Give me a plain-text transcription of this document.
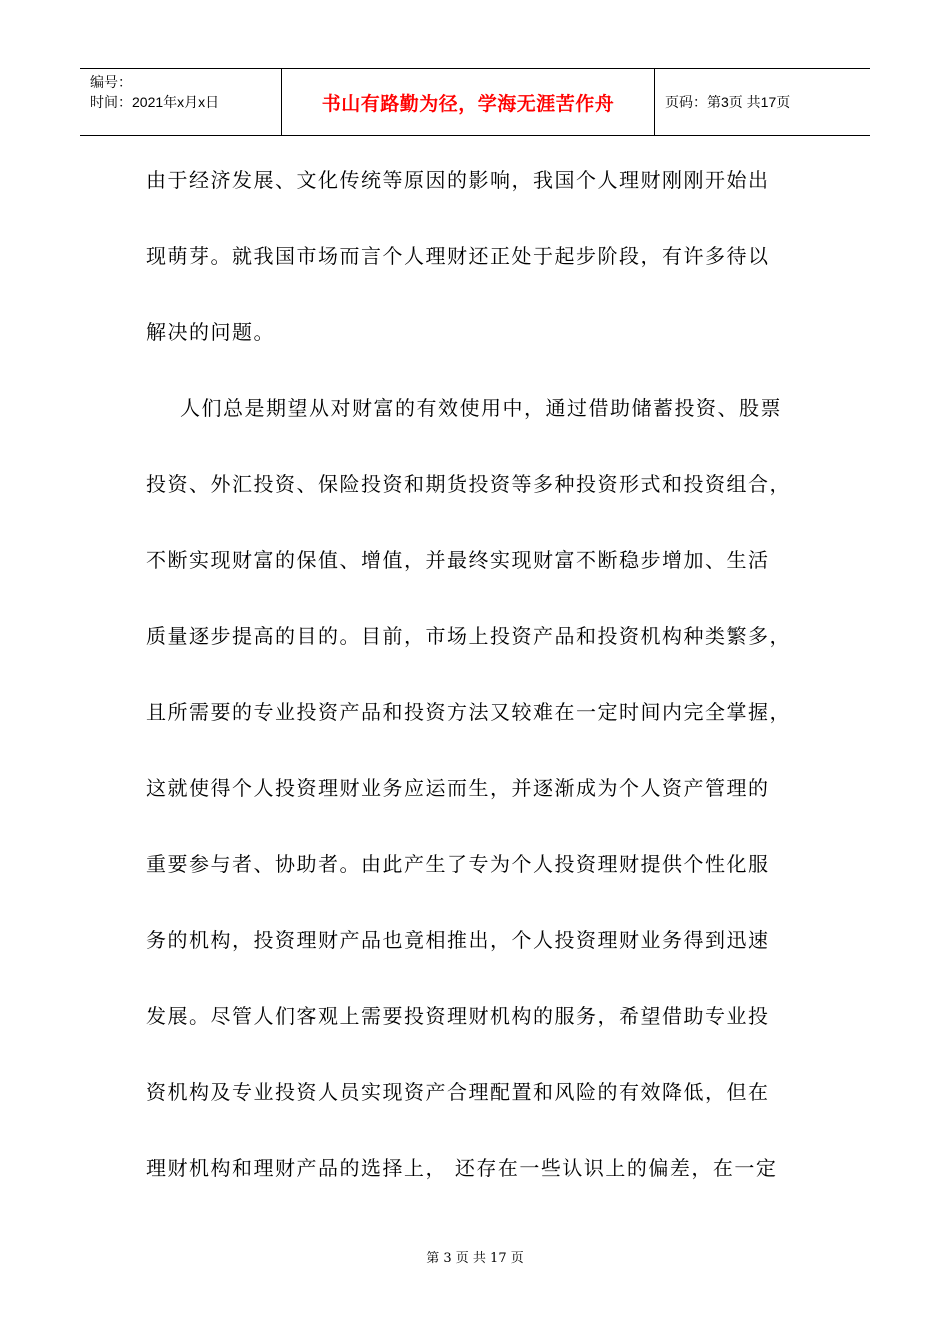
编号：
时间：2021年x月x日	书山有路勤为径，学海无涯苦作舟	页码：第3页 共17页
由于经济发展、文化传统等原因的影响，我国个人理财刚刚开始出
现萌芽。就我国市场而言个人理财还正处于起步阶段，有许多待以
解决的问题。
人们总是期望从对财富的有效使用中，通过借助储蓄投资、股票
投资、外汇投资、保险投资和期货投资等多种投资形式和投资组合，
不断实现财富的保值、增值，并最终实现财富不断稳步增加、生活
质量逐步提高的目的。目前，市场上投资产品和投资机构种类繁多，
且所需要的专业投资产品和投资方法又较难在一定时间内完全掌握，
这就使得个人投资理财业务应运而生，并逐渐成为个人资产管理的
重要参与者、协助者。由此产生了专为个人投资理财提供个性化服
务的机构，投资理财产品也竟相推出，个人投资理财业务得到迅速
发展。尽管人们客观上需要投资理财机构的服务，希望借助专业投
资机构及专业投资人员实现资产合理配置和风险的有效降低，但在
理财机构和理财产品的选择上， 还存在一些认识上的偏差，在一定
第 3 页 共 17 页
